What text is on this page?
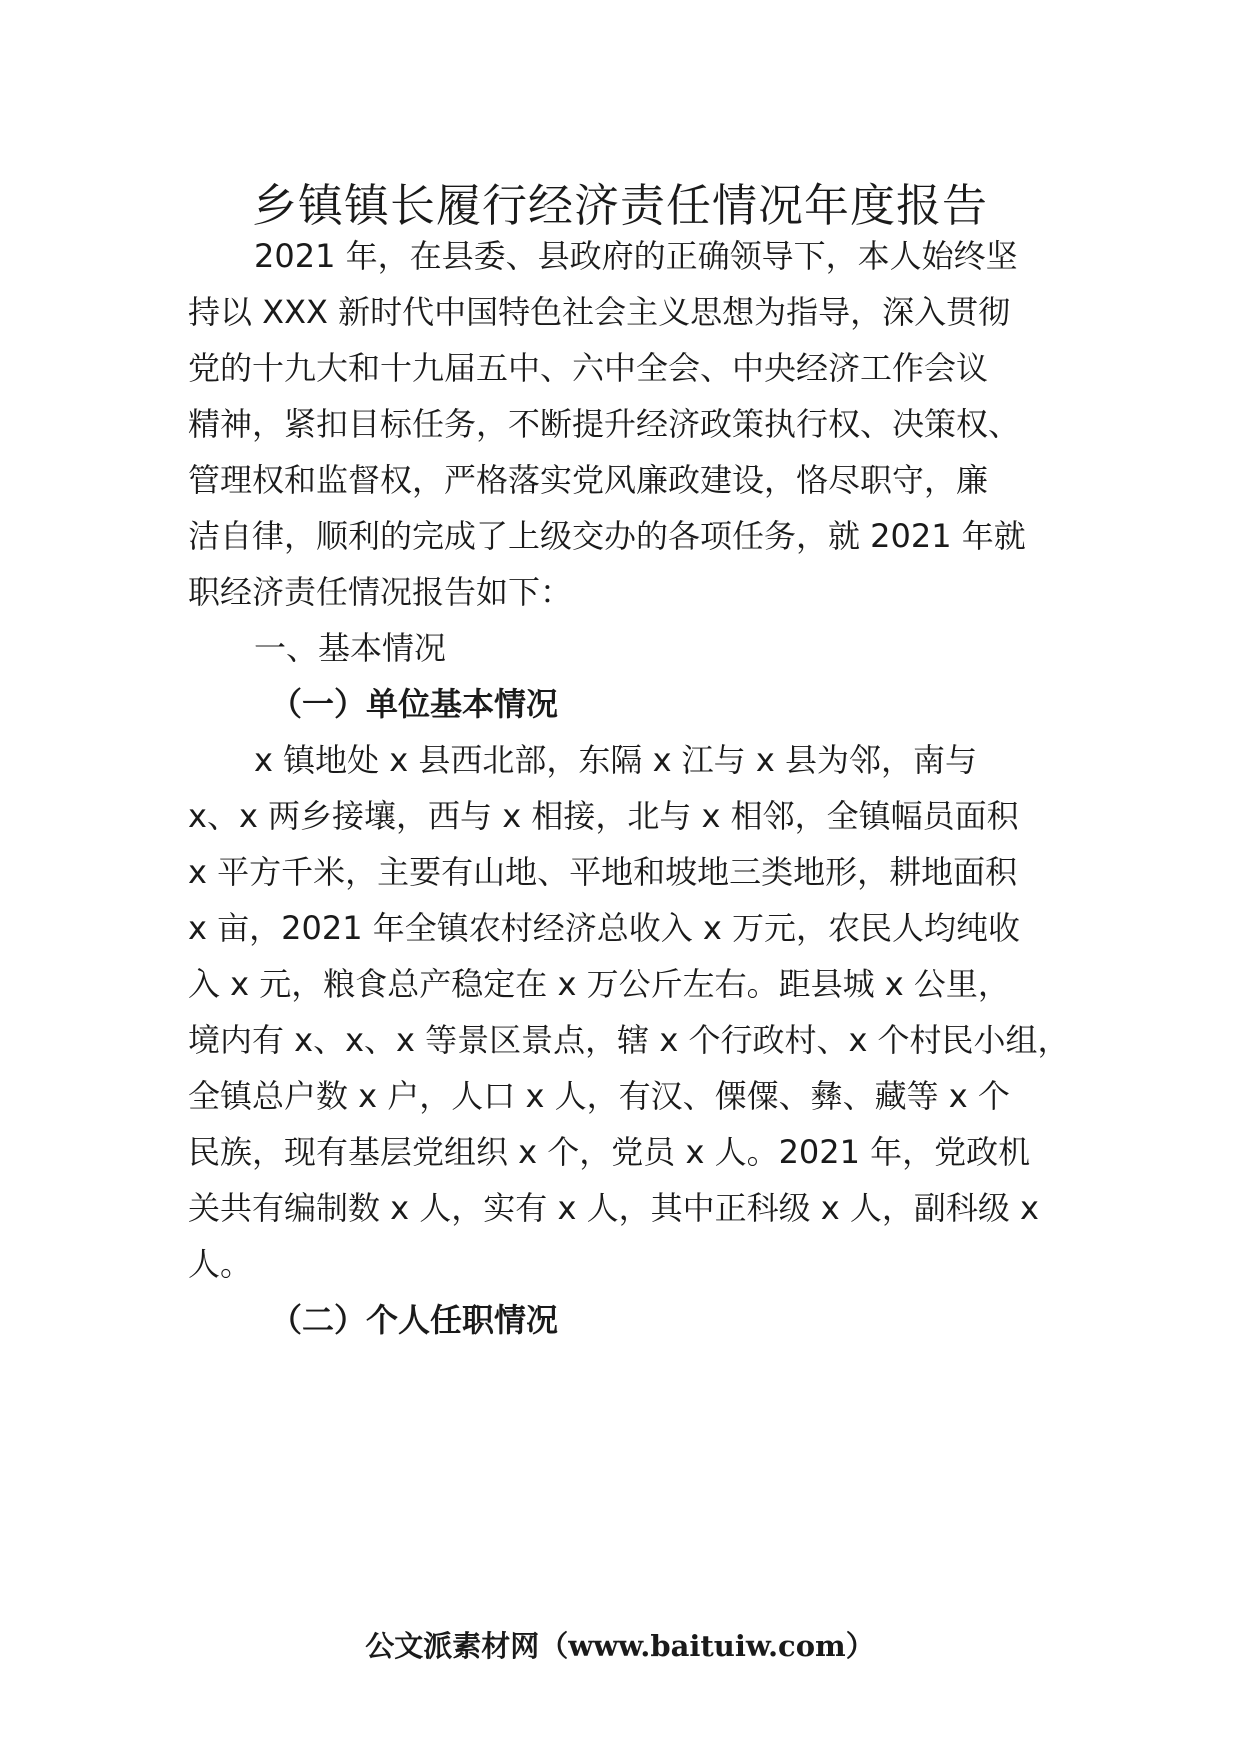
乡镇镇长履行经济责任情况年度报告
2021 年，在县委、县政府的正确领导下，本人始终坚
持以 XXX 新时代中国特色社会主义思想为指导，深入贯彻
党的十九大和十九届五中、六中全会、中央经济工作会议
精神，紧扣目标任务，不断提升经济政策执行权、决策权、
管理权和监督权，严格落实党风廉政建设，恪尽职守，廉
洁自律，顺利的完成了上级交办的各项任务，就 2021 年就
职经济责任情况报告如下：
一、基本情况
（一）单位基本情况
x 镇地处 x 县西北部，东隔 x 江与 x 县为邻，南与
x、x 两乡接壤，西与 x 相接，北与 x 相邻，全镇幅员面积
x 平方千米，主要有山地、平地和坡地三类地形，耕地面积
x 亩，2021 年全镇农村经济总收入 x 万元，农民人均纯收
入 x 元，粮食总产稳定在 x 万公斤左右。距县城 x 公里，
境内有 x、x、x 等景区景点，辖 x 个行政村、x 个村民小组，
全镇总户数 x 户，人口 x 人，有汉、傈僳、彝、藏等 x 个
民族，现有基层党组织 x 个，党员 x 人。2021 年，党政机
关共有编制数 x 人，实有 x 人，其中正科级 x 人，副科级 x
人。
（二）个人任职情况
公文派素材网（www.baituiw.com）
